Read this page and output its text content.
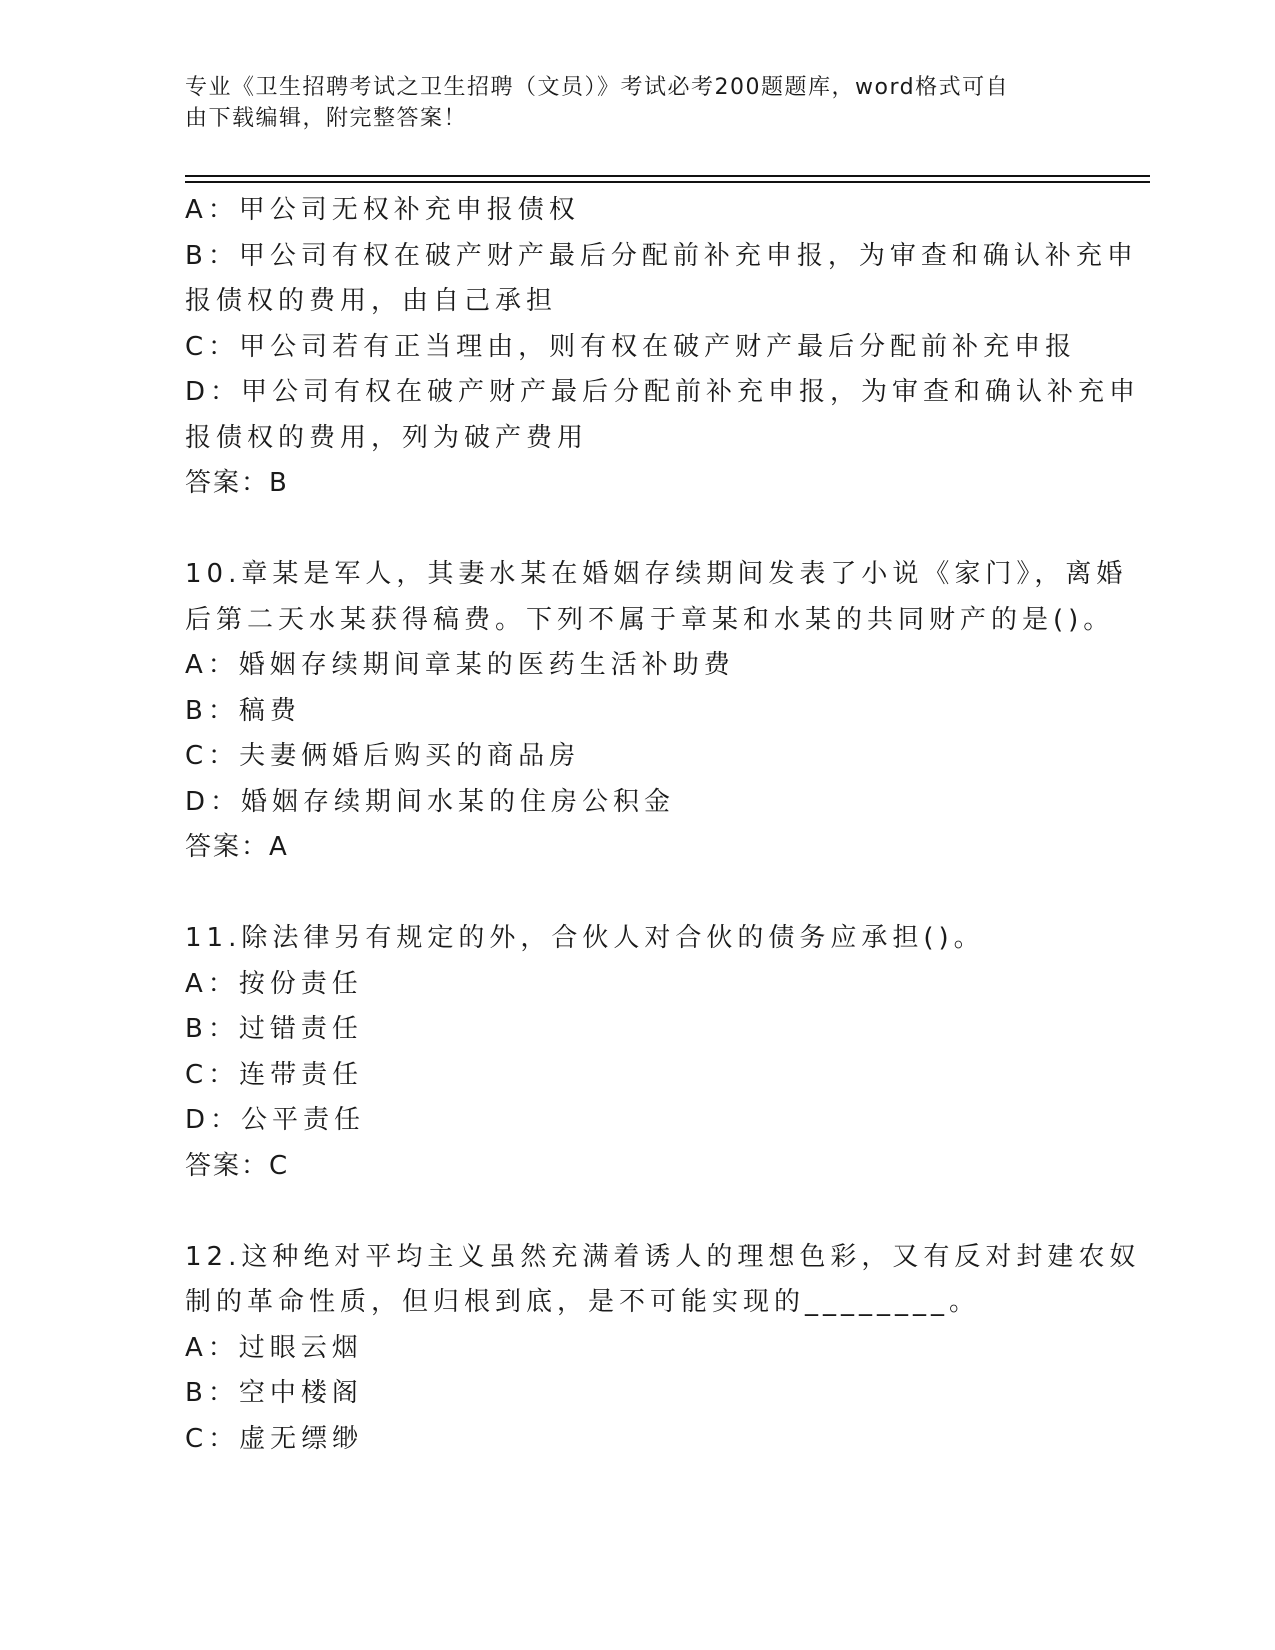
专业《卫生招聘考试之卫生招聘（文员）》考试必考200题题库，word格式可自
由下载编辑，附完整答案！
A：甲公司无权补充申报债权
B：甲公司有权在破产财产最后分配前补充申报，为审查和确认补充申
报债权的费用，由自己承担
C：甲公司若有正当理由，则有权在破产财产最后分配前补充申报
D：甲公司有权在破产财产最后分配前补充申报，为审查和确认补充申
报债权的费用，列为破产费用
答案：B
10.章某是军人，其妻水某在婚姻存续期间发表了小说《家门》，离婚
后第二天水某获得稿费。下列不属于章某和水某的共同财产的是()。
A：婚姻存续期间章某的医药生活补助费
B：稿费
C：夫妻俩婚后购买的商品房
D：婚姻存续期间水某的住房公积金
答案：A
11.除法律另有规定的外，合伙人对合伙的债务应承担()。
A：按份责任
B：过错责任
C：连带责任
D：公平责任
答案：C
12.这种绝对平均主义虽然充满着诱人的理想色彩，又有反对封建农奴
制的革命性质，但归根到底，是不可能实现的________。
A：过眼云烟
B：空中楼阁
C：虚无缥缈
